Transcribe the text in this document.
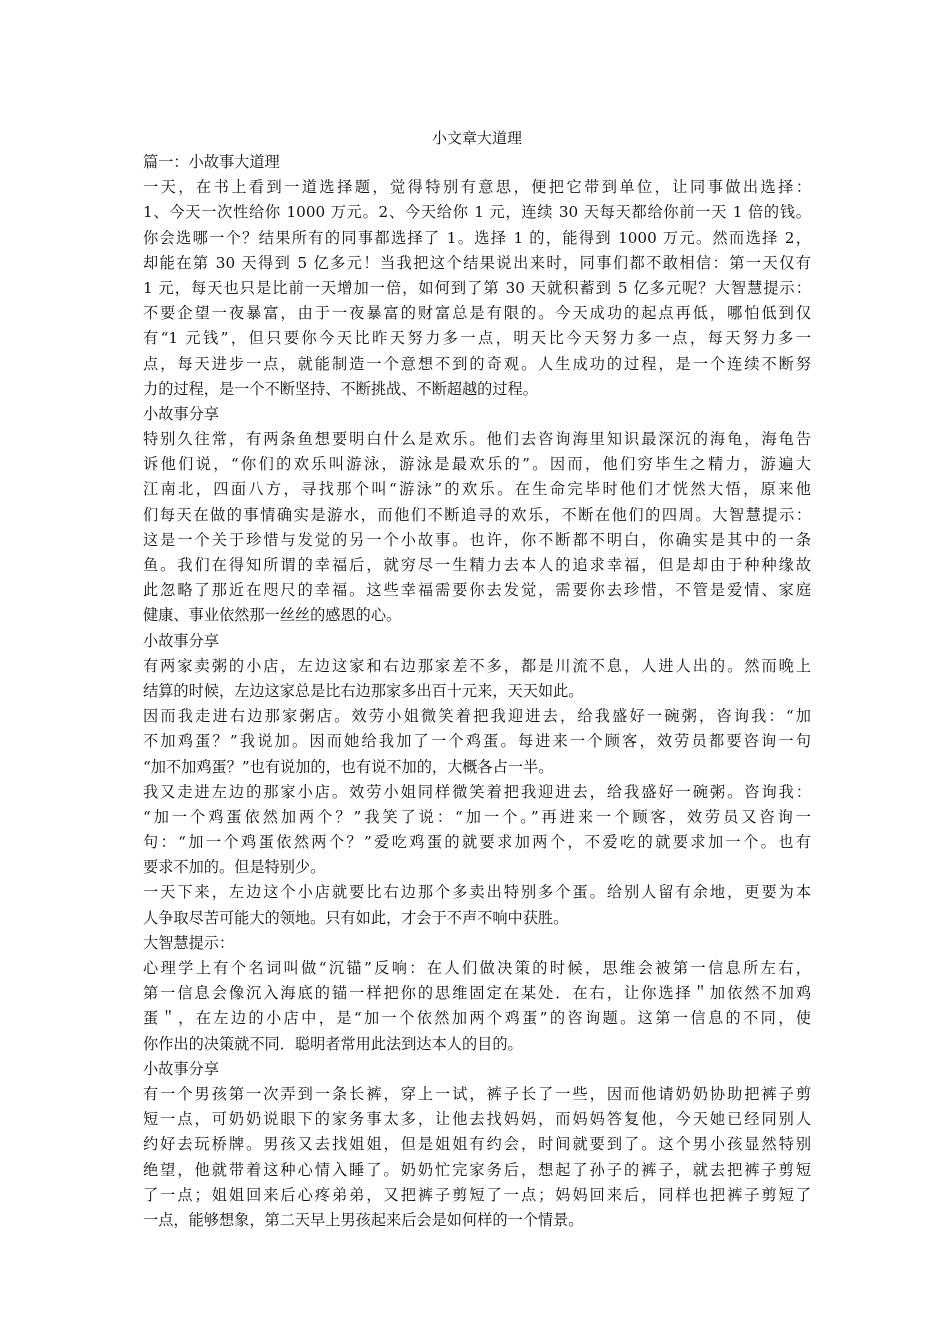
小文章大道理
篇一：小故事大道理
一天，在书上看到一道选择题，觉得特别有意思，便把它带到单位，让同事做出选择：
1、今天一次性给你 1000 万元。2、今天给你 1 元，连续 30 天每天都给你前一天 1 倍的钱。
你会选哪一个？结果所有的同事都选择了 1。选择 1 的，能得到 1000 万元。然而选择 2，
却能在第 30 天得到 5 亿多元！当我把这个结果说出来时，同事们都不敢相信：第一天仅有
1 元，每天也只是比前一天增加一倍，如何到了第 30 天就积蓄到 5 亿多元呢？大智慧提示：
不要企望一夜暴富，由于一夜暴富的财富总是有限的。今天成功的起点再低，哪怕低到仅
有“1 元钱”，但只要你今天比昨天努力多一点，明天比今天努力多一点，每天努力多一
点，每天进步一点，就能制造一个意想不到的奇观。人生成功的过程，是一个连续不断努
力的过程，是一个不断坚持、不断挑战、不断超越的过程。
小故事分享
特别久往常，有两条鱼想要明白什么是欢乐。他们去咨询海里知识最深沉的海龟，海龟告
诉他们说，“你们的欢乐叫游泳，游泳是最欢乐的”。因而，他们穷毕生之精力，游遍大
江南北，四面八方，寻找那个叫“游泳”的欢乐。在生命完毕时他们才恍然大悟，原来他
们每天在做的事情确实是游水，而他们不断追寻的欢乐，不断在他们的四周。大智慧提示：
这是一个关于珍惜与发觉的另一个小故事。也许，你不断都不明白，你确实是其中的一条
鱼。我们在得知所谓的幸福后，就穷尽一生精力去本人的追求幸福，但是却由于种种缘故
此忽略了那近在咫尺的幸福。这些幸福需要你去发觉，需要你去珍惜，不管是爱情、家庭
健康、事业依然那一丝丝的感恩的心。
小故事分享
有两家卖粥的小店，左边这家和右边那家差不多，都是川流不息，人进人出的。然而晚上
结算的时候，左边这家总是比右边那家多出百十元来，天天如此。
因而我走进右边那家粥店。效劳小姐微笑着把我迎进去，给我盛好一碗粥，咨询我：“加
不加鸡蛋？”我说加。因而她给我加了一个鸡蛋。每进来一个顾客，效劳员都要咨询一句
“加不加鸡蛋？”也有说加的，也有说不加的，大概各占一半。
我又走进左边的那家小店。效劳小姐同样微笑着把我迎进去，给我盛好一碗粥。咨询我：
“加一个鸡蛋依然加两个？”我笑了说：“加一个。”再进来一个顾客，效劳员又咨询一
句：“加一个鸡蛋依然两个？”爱吃鸡蛋的就要求加两个，不爱吃的就要求加一个。也有
要求不加的。但是特别少。
一天下来，左边这个小店就要比右边那个多卖出特别多个蛋。给别人留有余地，更要为本
人争取尽苦可能大的领地。只有如此，才会于不声不响中获胜。
大智慧提示：
心理学上有个名词叫做“沉锚”反响：在人们做决策的时候，思维会被第一信息所左右，
第一信息会像沉入海底的锚一样把你的思维固定在某处．在右，让你选择＂加依然不加鸡
蛋＂，在左边的小店中，是“加一个依然加两个鸡蛋”的咨询题。这第一信息的不同，使
你作出的决策就不同．聪明者常用此法到达本人的目的。
小故事分享
有一个男孩第一次弄到一条长裤，穿上一试，裤子长了一些，因而他请奶奶协助把裤子剪
短一点，可奶奶说眼下的家务事太多，让他去找妈妈，而妈妈答复他，今天她已经同别人
约好去玩桥牌。男孩又去找姐姐，但是姐姐有约会，时间就要到了。这个男小孩显然特别
绝望，他就带着这种心情入睡了。奶奶忙完家务后，想起了孙子的裤子，就去把裤子剪短
了一点；姐姐回来后心疼弟弟，又把裤子剪短了一点；妈妈回来后，同样也把裤子剪短了
一点，能够想象，第二天早上男孩起来后会是如何样的一个情景。
